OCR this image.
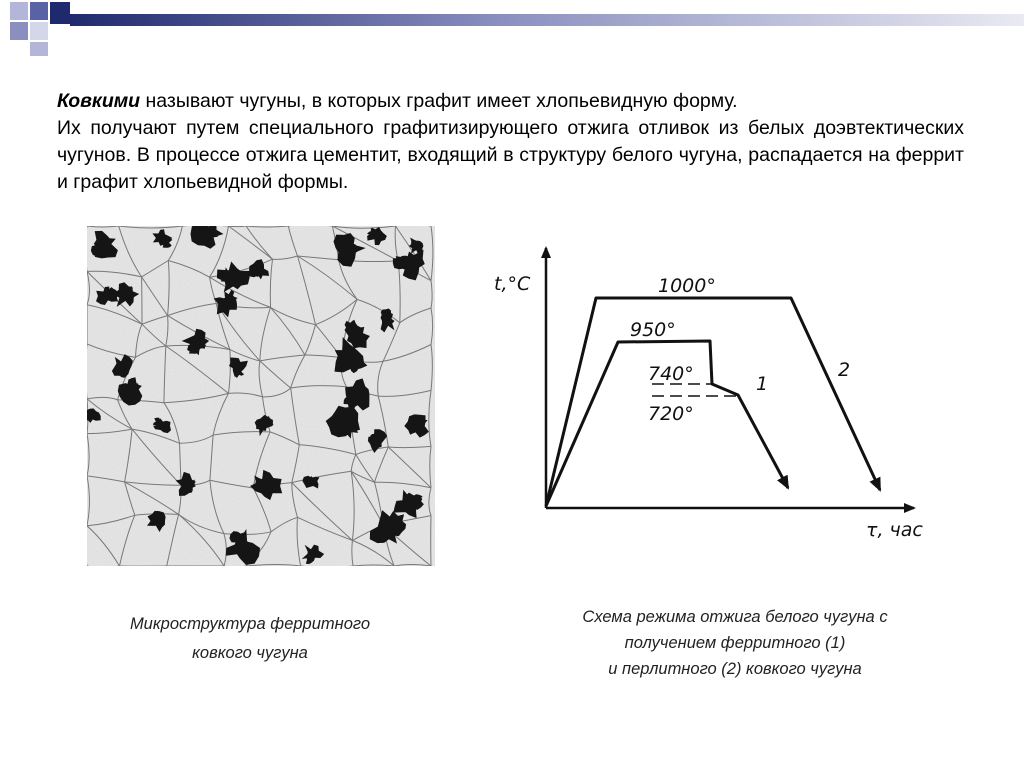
Ковкими называют чугуны, в которых графит имеет хлопьевидную форму.

Их получают путем специального графитизирующего отжига отливок из белых доэвтектических чугунов. В процессе отжига цементит, входящий в структуру белого чугуна, распадается на феррит и графит хлопьевидной формы.

t,°C
τ, час
1000°
950°
740°
720°
1
2
Микроструктура ферритного
ковкого чугуна
Схема режима отжига белого чугуна с
получением ферритного (1)
и перлитного (2) ковкого чугуна
